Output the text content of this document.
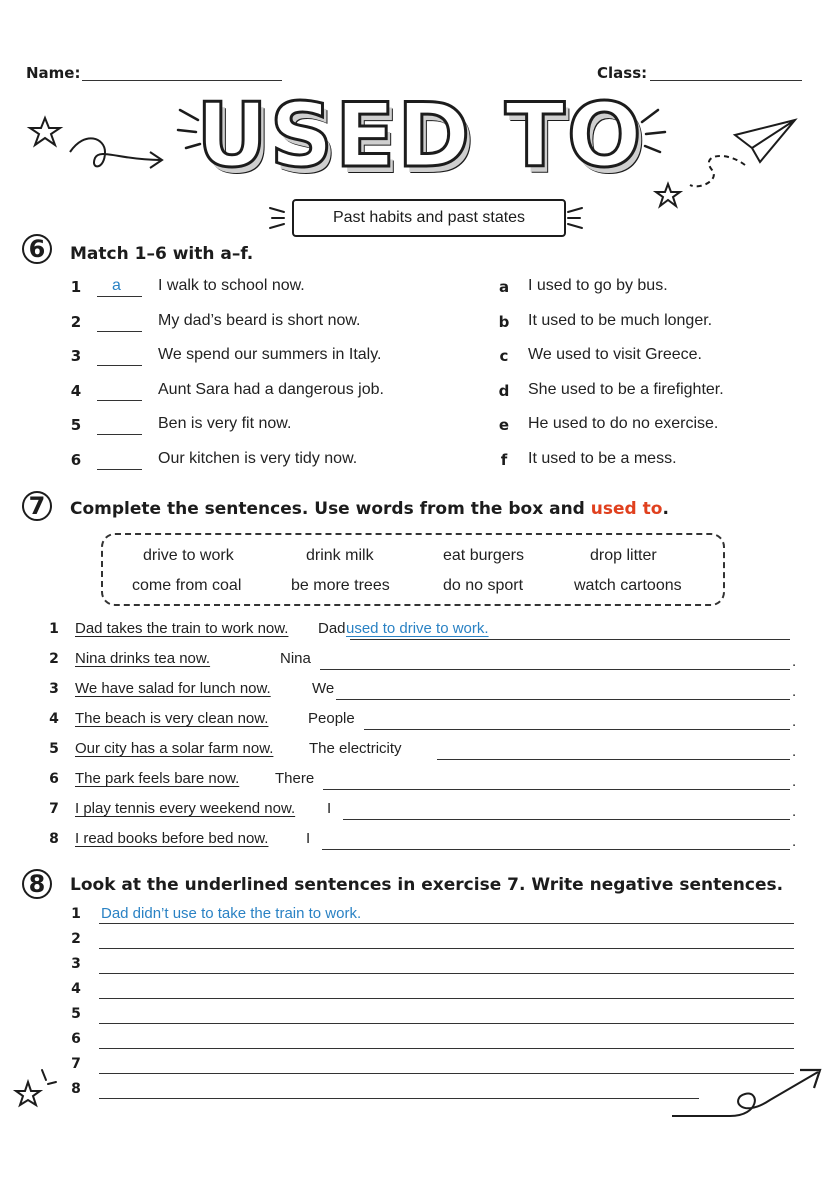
Name:	Class:
USED TO
Past habits and past states
6	Match 1–6 with a–f.
1 a I walk to school now.
2	My dad’s beard is short now.
3	We spend our summers in Italy.
4	Aunt Sara had a dangerous job.
5	Ben is very fit now.
6	Our kitchen is very tidy now.
a I used to go by bus.
b It used to be much longer.
c We used to visit Greece.
d She used to be a firefighter.
e He used to do no exercise.
f It used to be a mess.
7	Complete the sentences. Use words from the box and used to.
drive to work	drink milk	eat burgers	drop litter
come from coal	be more trees	do no sport	watch cartoons
1 Dad takes the train to work now. Dad used to drive to work.
2 Nina drinks tea now.	Nina	.
3 We have salad for lunch now.	We	.
4 The beach is very clean now.	People	.
5 Our city has a solar farm now. The electricity	.
6 The park feels bare now. There	.
7 I play tennis every weekend now. I	.
8 I read books before bed now.	I	.
8	Look at the underlined sentences in exercise 7. Write negative sentences.
1 Dad didn’t use to take the train to work.
2
3
4
5
6
7
8
